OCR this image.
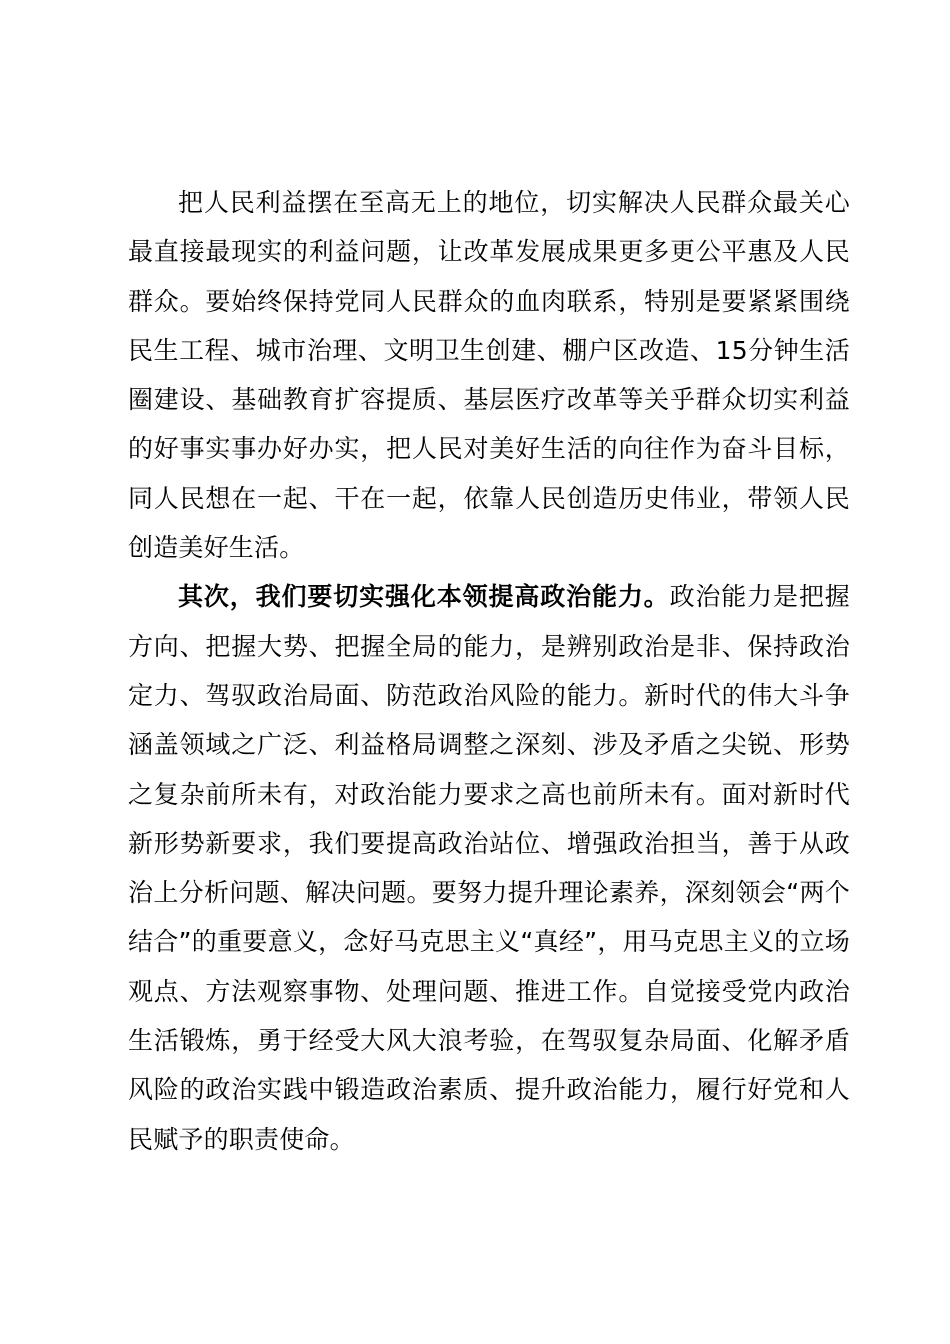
把人民利益摆在至高无上的地位，切实解决人民群众最关心最直接最现实的利益问题，让改革发展成果更多更公平惠及人民群众。要始终保持党同人民群众的血肉联系，特别是要紧紧围绕民生工程、城市治理、文明卫生创建、棚户区改造、15分钟生活圈建设、基础教育扩容提质、基层医疗改革等关乎群众切实利益的好事实事办好办实，把人民对美好生活的向往作为奋斗目标，同人民想在一起、干在一起，依靠人民创造历史伟业，带领人民创造美好生活。

其次，我们要切实强化本领提高政治能力。政治能力是把握方向、把握大势、把握全局的能力，是辨别政治是非、保持政治定力、驾驭政治局面、防范政治风险的能力。新时代的伟大斗争涵盖领域之广泛、利益格局调整之深刻、涉及矛盾之尖锐、形势之复杂前所未有，对政治能力要求之高也前所未有。面对新时代新形势新要求，我们要提高政治站位、增强政治担当，善于从政治上分析问题、解决问题。要努力提升理论素养，深刻领会“两个结合”的重要意义，念好马克思主义“真经”，用马克思主义的立场观点、方法观察事物、处理问题、推进工作。自觉接受党内政治生活锻炼，勇于经受大风大浪考验，在驾驭复杂局面、化解矛盾风险的政治实践中锻造政治素质、提升政治能力，履行好党和人民赋予的职责使命。
